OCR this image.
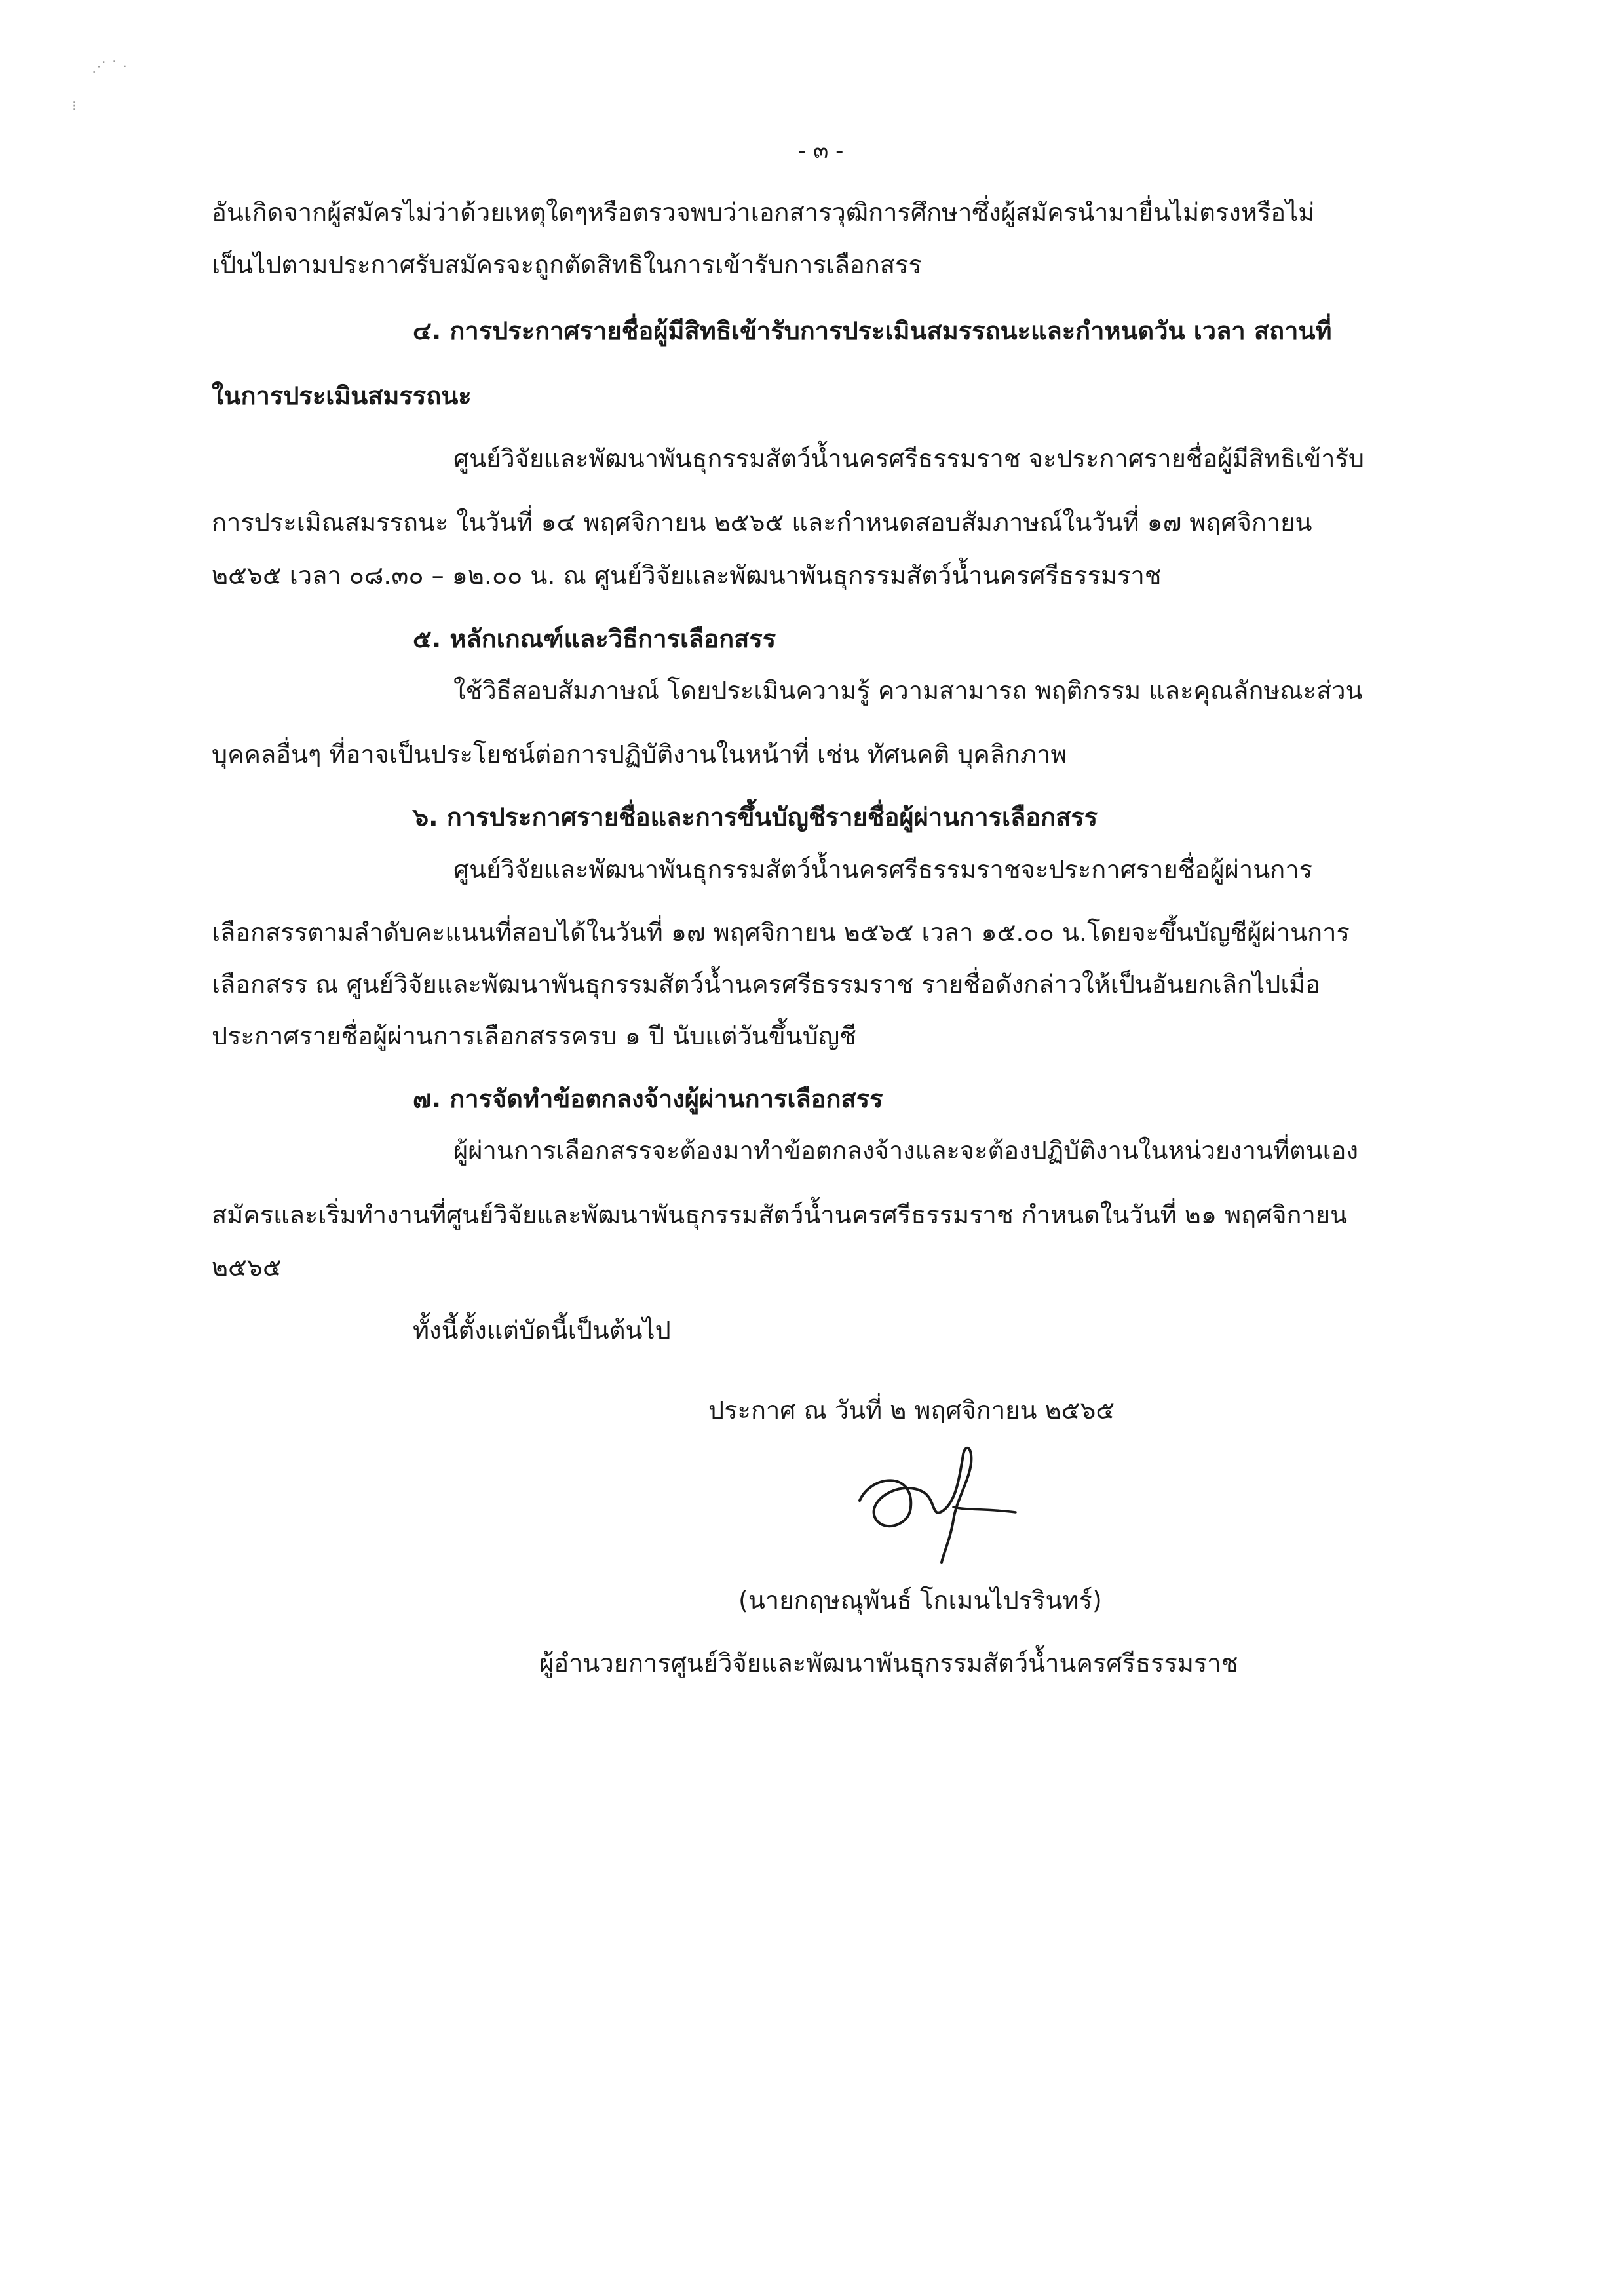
⋰ ˙ ·
⁝
- ๓ -
อันเกิดจากผู้สมัครไม่ว่าด้วยเหตุใดๆหรือตรวจพบว่าเอกสารวุฒิการศึกษาซึ่งผู้สมัครนำมายื่นไม่ตรงหรือไม่
เป็นไปตามประกาศรับสมัครจะถูกตัดสิทธิในการเข้ารับการเลือกสรร
๔. การประกาศรายชื่อผู้มีสิทธิเข้ารับการประเมินสมรรถนะและกำหนดวัน เวลา สถานที่
ในการประเมินสมรรถนะ
ศูนย์วิจัยและพัฒนาพันธุกรรมสัตว์น้ำนครศรีธรรมราช จะประกาศรายชื่อผู้มีสิทธิเข้ารับ
การประเมิณสมรรถนะ ในวันที่ ๑๔ พฤศจิกายน ๒๕๖๕ และกำหนดสอบสัมภาษณ์ในวันที่ ๑๗ พฤศจิกายน
๒๕๖๕ เวลา ๐๘.๓๐ – ๑๒.๐๐ น. ณ ศูนย์วิจัยและพัฒนาพันธุกรรมสัตว์น้ำนครศรีธรรมราช
๕. หลักเกณฑ์และวิธีการเลือกสรร
ใช้วิธีสอบสัมภาษณ์ โดยประเมินความรู้ ความสามารถ พฤติกรรม และคุณลักษณะส่วน
บุคคลอื่นๆ ที่อาจเป็นประโยชน์ต่อการปฏิบัติงานในหน้าที่ เช่น ทัศนคติ บุคลิกภาพ
๖. การประกาศรายชื่อและการขึ้นบัญชีรายชื่อผู้ผ่านการเลือกสรร
ศูนย์วิจัยและพัฒนาพันธุกรรมสัตว์น้ำนครศรีธรรมราชจะประกาศรายชื่อผู้ผ่านการ
เลือกสรรตามลำดับคะแนนที่สอบได้ในวันที่ ๑๗ พฤศจิกายน ๒๕๖๕ เวลา ๑๕.๐๐ น.โดยจะขึ้นบัญชีผู้ผ่านการ
เลือกสรร ณ ศูนย์วิจัยและพัฒนาพันธุกรรมสัตว์น้ำนครศรีธรรมราช รายชื่อดังกล่าวให้เป็นอันยกเลิกไปเมื่อ
ประกาศรายชื่อผู้ผ่านการเลือกสรรครบ ๑ ปี นับแต่วันขึ้นบัญชี
๗. การจัดทำข้อตกลงจ้างผู้ผ่านการเลือกสรร
ผู้ผ่านการเลือกสรรจะต้องมาทำข้อตกลงจ้างและจะต้องปฏิบัติงานในหน่วยงานที่ตนเอง
สมัครและเริ่มทำงานที่ศูนย์วิจัยและพัฒนาพันธุกรรมสัตว์น้ำนครศรีธรรมราช กำหนดในวันที่ ๒๑ พฤศจิกายน
๒๕๖๕
ทั้งนี้ตั้งแต่บัดนี้เป็นต้นไป
ประกาศ ณ วันที่ ๒ พฤศจิกายน ๒๕๖๕
(นายกฤษณุพันธ์ โกเมนไปรรินทร์)
ผู้อำนวยการศูนย์วิจัยและพัฒนาพันธุกรรมสัตว์น้ำนครศรีธรรมราช
